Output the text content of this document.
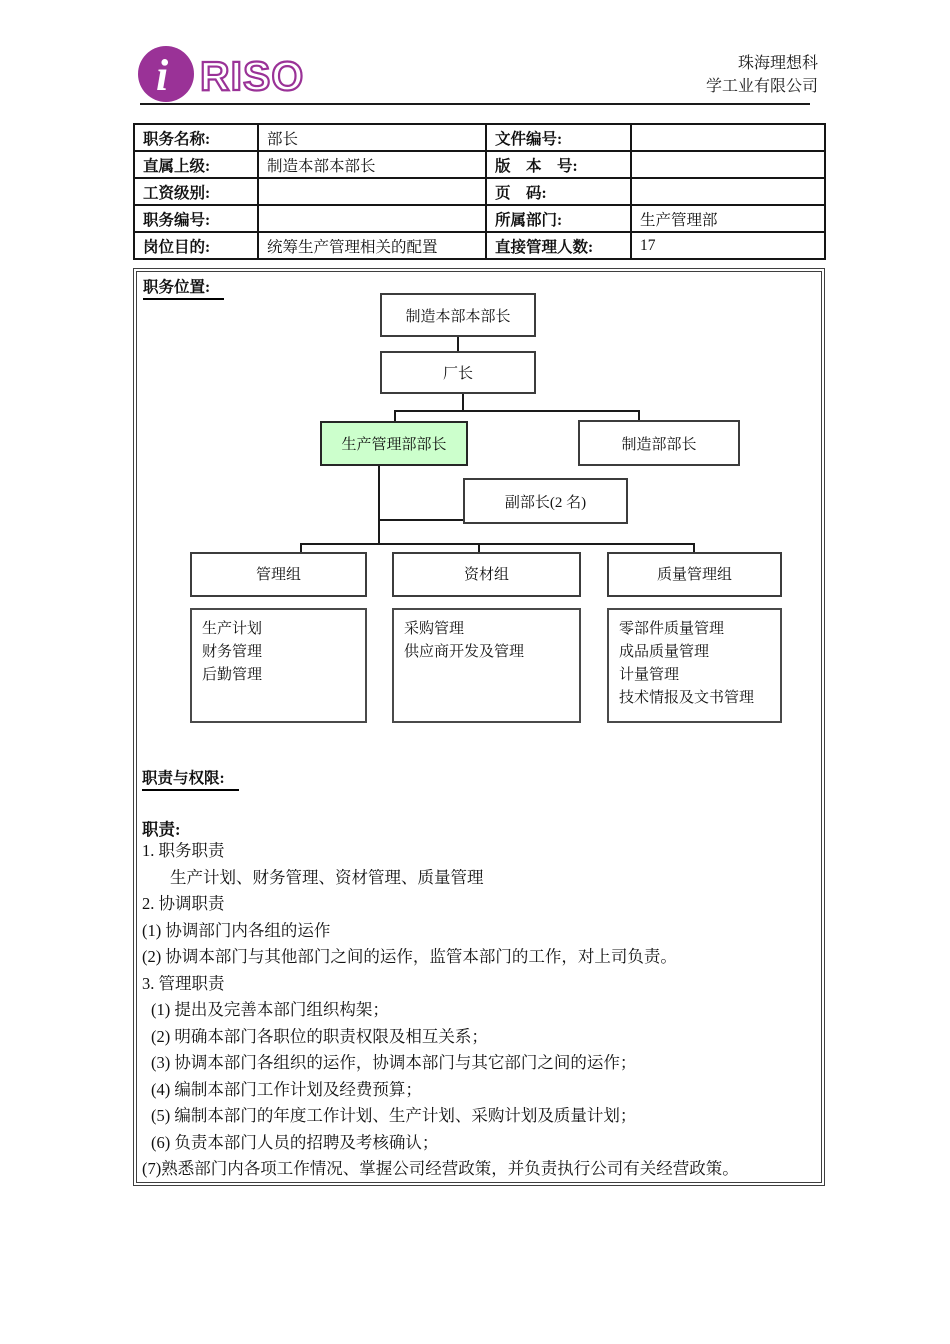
i RISO	珠海理想科
学工业有限公司
职务名称:	部长	文件编号:	
直属上级:	制造本部本部长	版　本　号:	
工资级别:		页　码:	
职务编号:		所属部门:	生产管理部
岗位目的:	统筹生产管理相关的配置	直接管理人数:	17
职务位置:
制造本部本部长
厂长
生产管理部部长	制造部部长
副部长(2 名)
管理组	资材组	质量管理组
生产计划
财务管理
后勤管理
采购管理
供应商开发及管理
零部件质量管理
成品质量管理
计量管理
技术情报及文书管理
职责与权限:
职责:
1. 职务职责
生产计划、财务管理、资材管理、质量管理
2. 协调职责
(1) 协调部门内各组的运作
(2) 协调本部门与其他部门之间的运作，监管本部门的工作，对上司负责。
3. 管理职责
(1) 提出及完善本部门组织构架；
(2) 明确本部门各职位的职责权限及相互关系；
(3) 协调本部门各组织的运作，协调本部门与其它部门之间的运作；
(4) 编制本部门工作计划及经费预算；
(5) 编制本部门的年度工作计划、生产计划、采购计划及质量计划；
(6) 负责本部门人员的招聘及考核确认；
(7)熟悉部门内各项工作情况、掌握公司经营政策，并负责执行公司有关经营政策。
